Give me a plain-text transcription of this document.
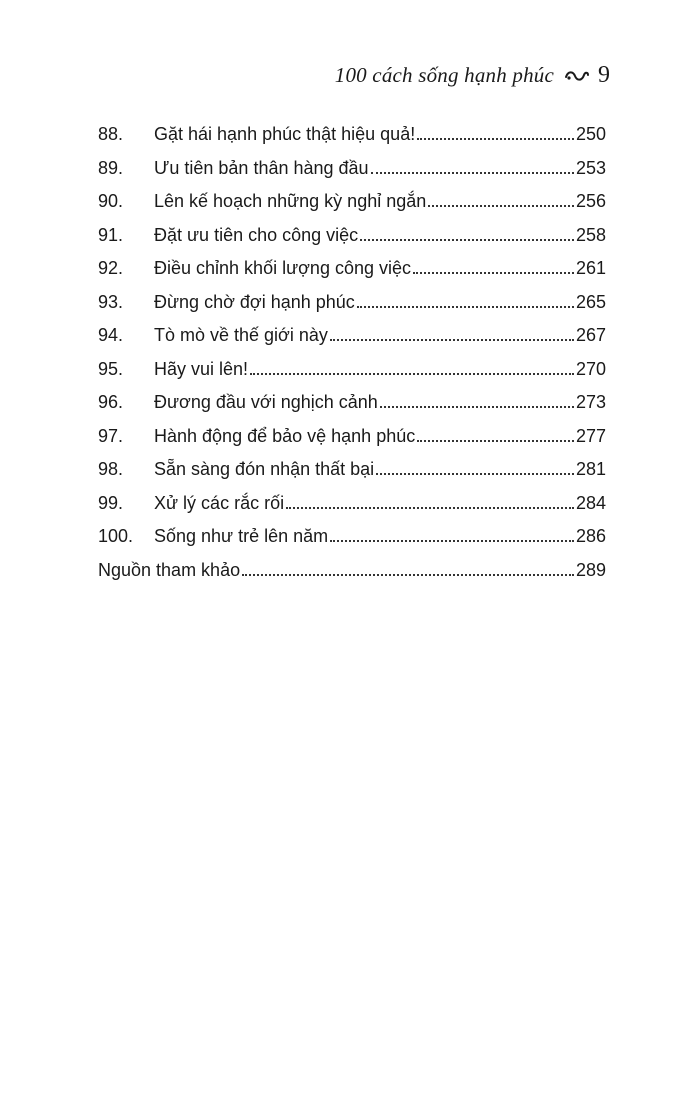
100 cách sống hạnh phúc 9
88.	Gặt hái hạnh phúc thật hiệu quả!	250
89.	Ưu tiên bản thân hàng đầu	253
90.	Lên kế hoạch những kỳ nghỉ ngắn	256
91.	Đặt ưu tiên cho công việc	258
92.	Điều chỉnh khối lượng công việc	261
93.	Đừng chờ đợi hạnh phúc	265
94.	Tò mò về thế giới này	267
95.	Hãy vui lên!	270
96.	Đương đầu với nghịch cảnh	273
97.	Hành động để bảo vệ hạnh phúc	277
98.	Sẵn sàng đón nhận thất bại	281
99.	Xử lý các rắc rối	284
100.	Sống như trẻ lên năm	286
Nguồn tham khảo	289
